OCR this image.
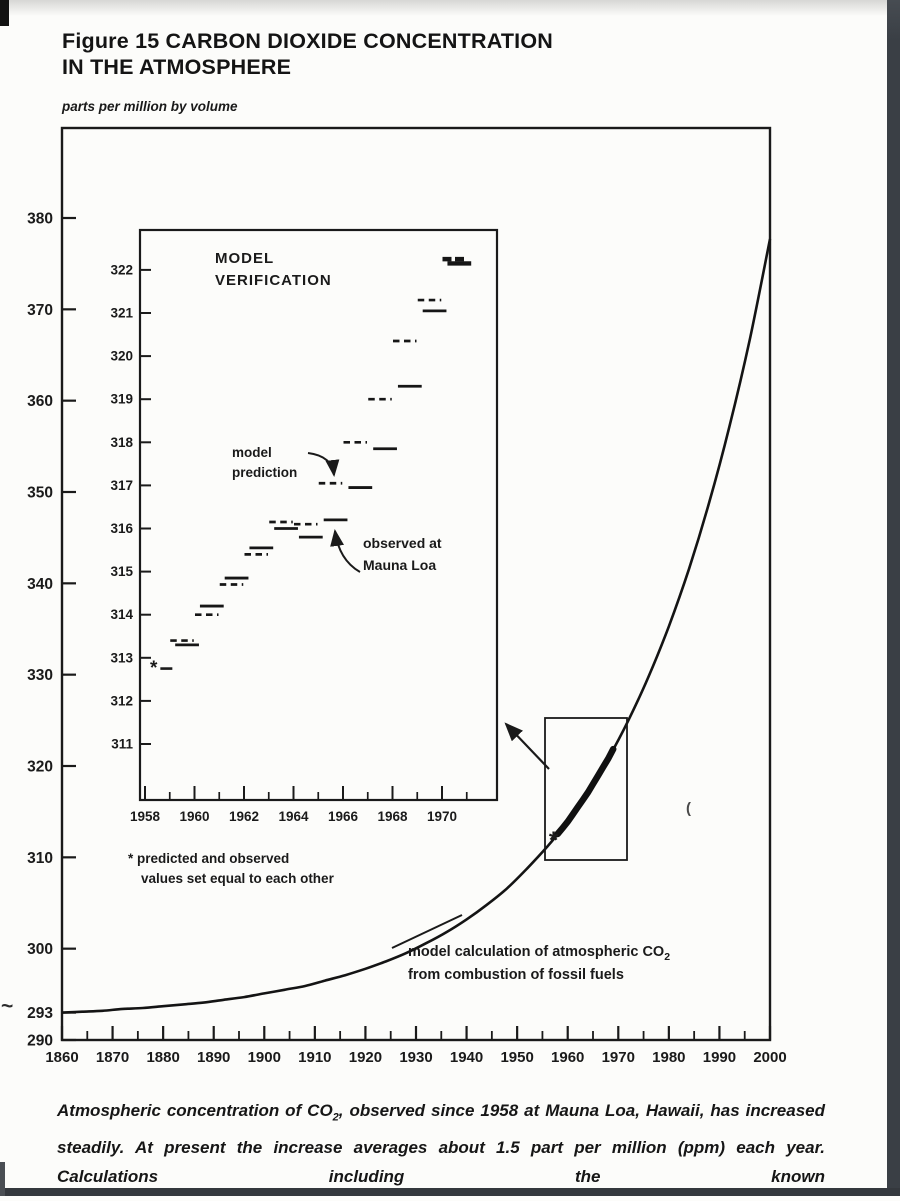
290
293
300
310
320
330
340
350
360
370
380
1860 1870 1880 1890 1900 1910 1920 1930 1940 1950 1960 1970 1980 1990 2000
*
model calculation of atmospheric $CO_2$
from combustion of fossil fuels
311
312
313
314
315
316
317
318
319
320
321
322
1958 1960 1962 1964 1966 1968 1970
MODEL
VERIFICATION
*
model
prediction
observed at
Mauna Loa
* predicted and observed
values set equal to each other
Figure 15 CARBON DIOXIDE CONCENTRATION
IN THE ATMOSPHERE
parts per million by volume

Atmospheric concentration of $CO_2$, observed since 1958 at Mauna Loa, Hawaii, has increased steadily. At present the increase averages about 1.5 part per million (ppm) each year. Calculations including the known

~
(
